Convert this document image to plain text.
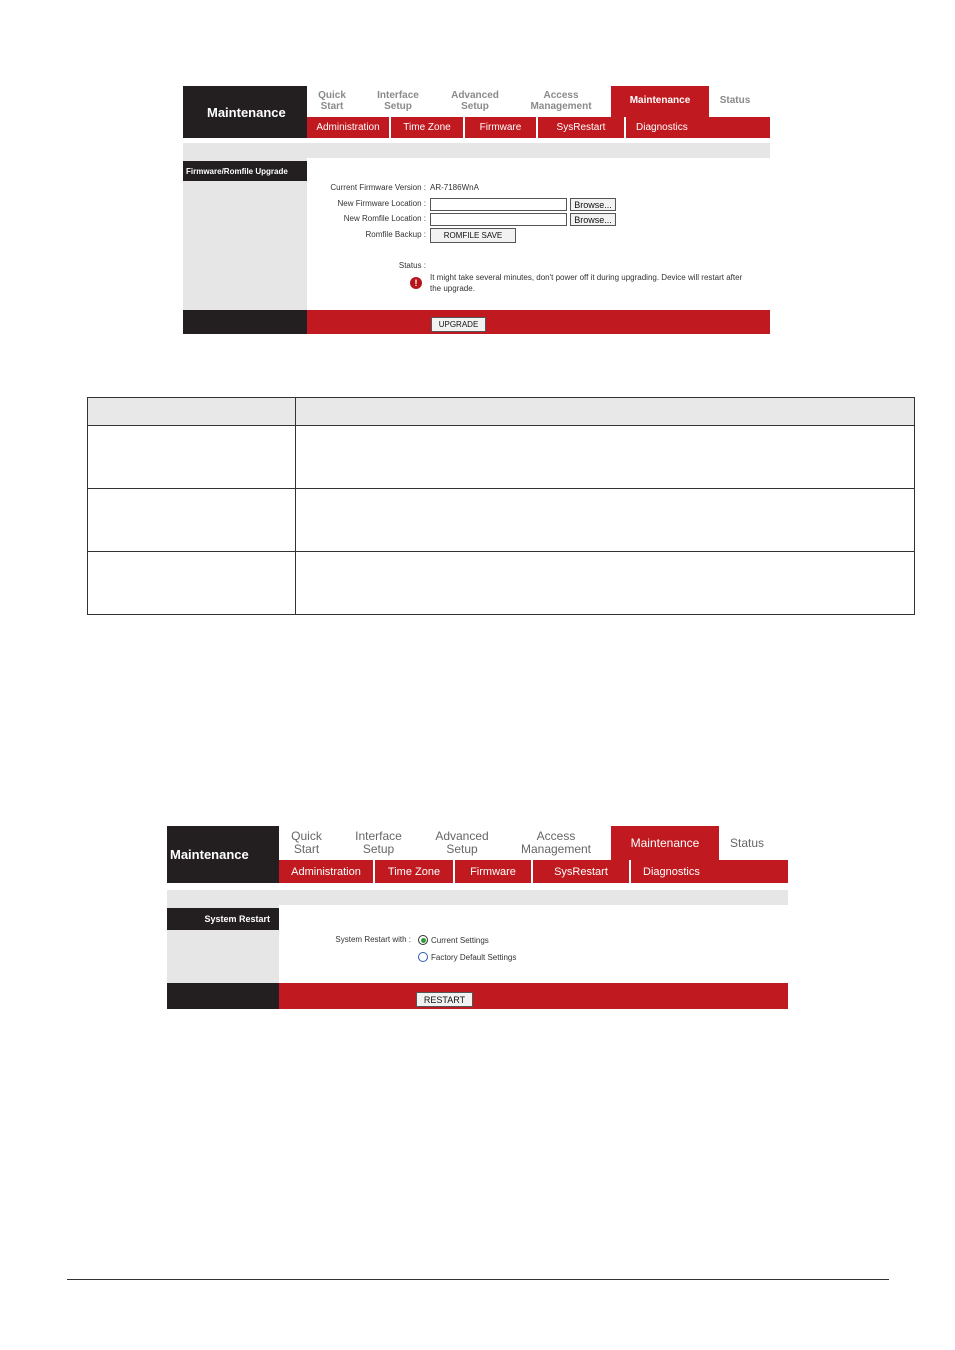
Maintenance
Quick
Start
Interface
Setup
Advanced
Setup
Access
Management	Maintenance	Status
Administration	Time Zone	Firmware	SysRestart	Diagnostics
Firmware/Romfile Upgrade
Current Firmware Version : AR-7186WnA
New Firmware Location :	Browse...
New Romfile Location :	Browse...
Romfile Backup :	ROMFILE SAVE
Status :
!
It might take several minutes, don't power off it during upgrading. Device will restart after
the upgrade.
UPGRADE

Maintenance
Quick
Start
Interface
Setup
Advanced
Setup
Access
Management	Maintenance	Status
Administration	Time Zone	Firmware	SysRestart	Diagnostics
System Restart
System Restart with :	Current Settings
Factory Default Settings
RESTART
